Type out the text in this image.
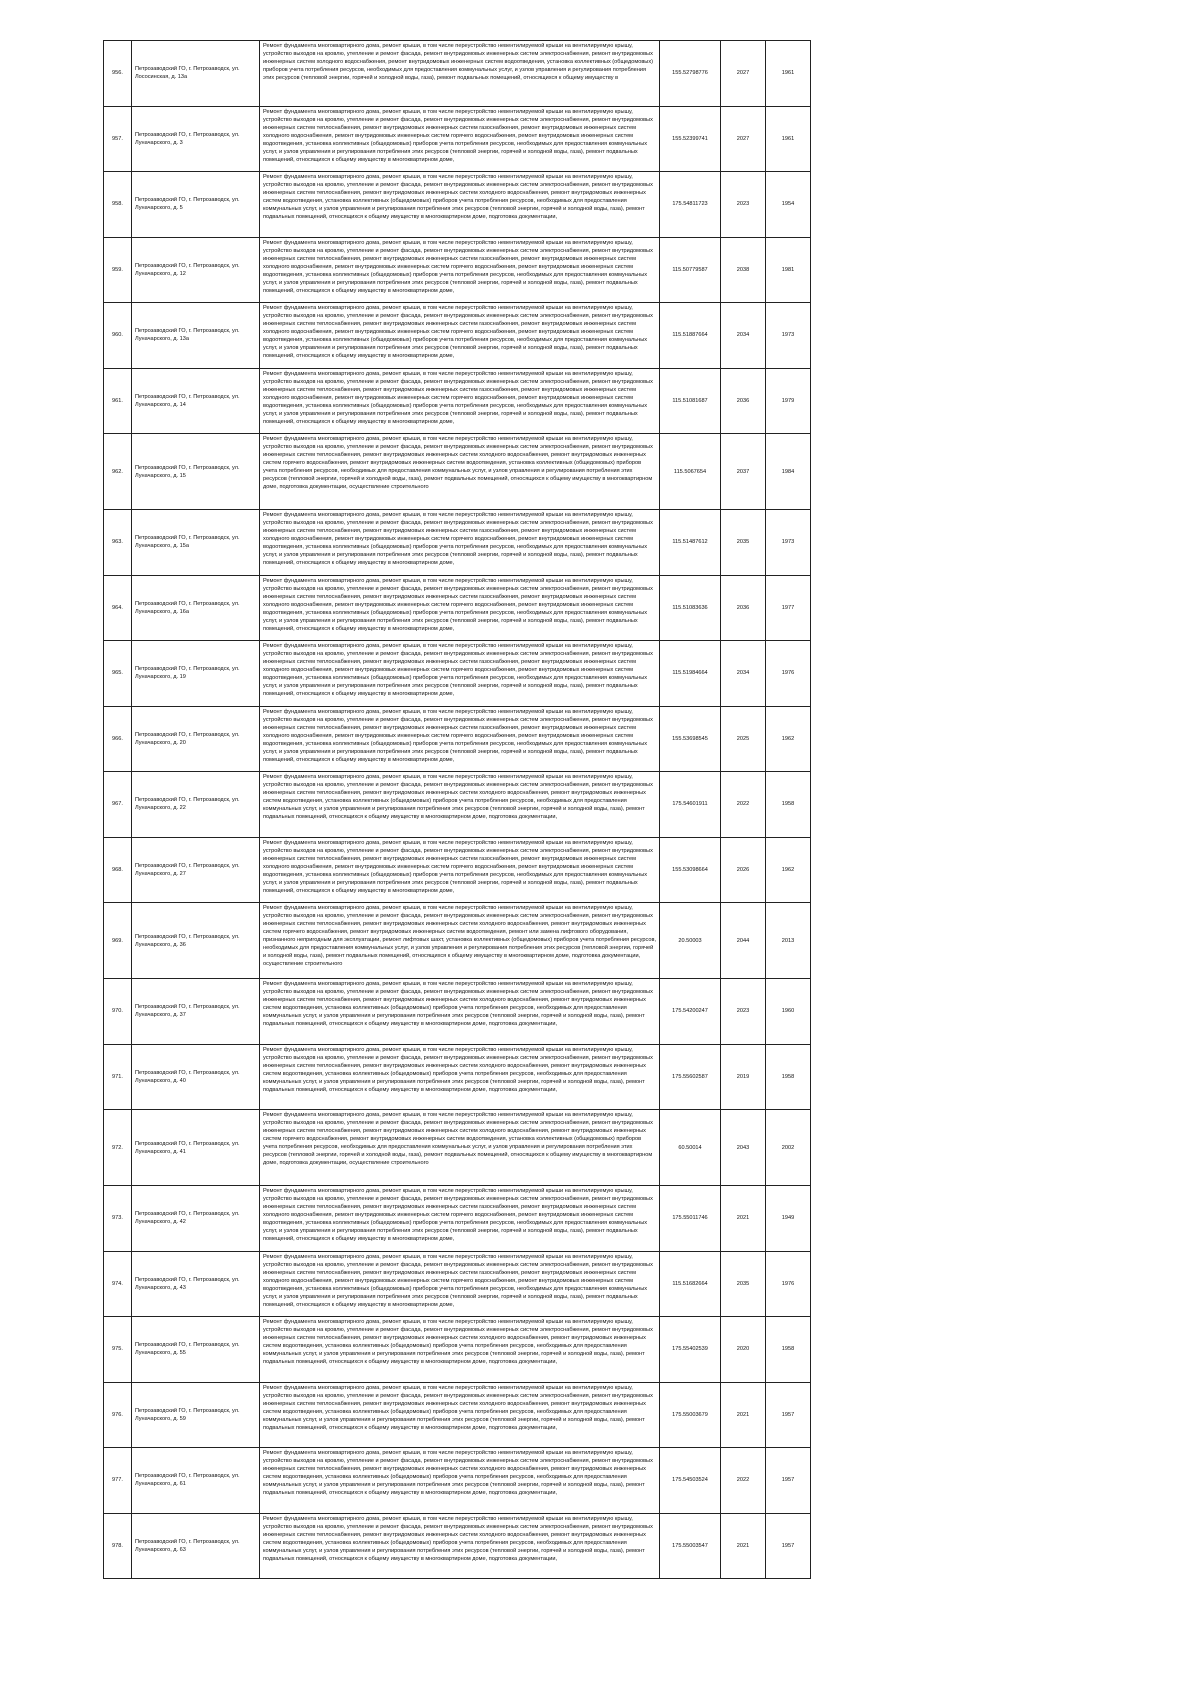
956.	Петрозаводский ГО, г. Петрозаводск, ул. Лососинская, д. 13а	Ремонт фундамента многоквартирного дома, ремонт крыши, в том числе переустройство невентилируемой крыши на вентилируемую крышу, устройство выходов на кровлю, утепление и ремонт фасада, ремонт внутридомовых инженерных систем электроснабжения, ремонт внутридомовых инженерных систем холодного водоснабжения, ремонт внутридомовых инженерных систем водоотведения, установка коллективных (общедомовых) приборов учета потребления ресурсов, необходимых для предоставления коммунальных услуг, и узлов управления и регулирования потребления этих ресурсов (тепловой энергии, горячей и холодной воды, газа), ремонт подвальных помещений, относящихся к общему имуществу в	155.52798776	2027	1961
957.	Петрозаводский ГО, г. Петрозаводск, ул. Луначарского, д. 3	Ремонт фундамента многоквартирного дома, ремонт крыши, в том числе переустройство невентилируемой крыши на вентилируемую крышу, устройство выходов на кровлю, утепление и ремонт фасада, ремонт внутридомовых инженерных систем электроснабжения, ремонт внутридомовых инженерных систем теплоснабжения, ремонт внутридомовых инженерных систем газоснабжения, ремонт внутридомовых инженерных систем холодного водоснабжения, ремонт внутридомовых инженерных систем горячего водоснабжения, ремонт внутридомовых инженерных систем водоотведения, установка коллективных (общедомовых) приборов учета потребления ресурсов, необходимых для предоставления коммунальных услуг, и узлов управления и регулирования потребления этих ресурсов (тепловой энергии, горячей и холодной воды, газа), ремонт подвальных помещений, относящихся к общему имуществу в многоквартирном доме,	155.52399741	2027	1961
958.	Петрозаводский ГО, г. Петрозаводск, ул. Луначарского, д. 5	Ремонт фундамента многоквартирного дома, ремонт крыши, в том числе переустройство невентилируемой крыши на вентилируемую крышу, устройство выходов на кровлю, утепление и ремонт фасада, ремонт внутридомовых инженерных систем электроснабжения, ремонт внутридомовых инженерных систем теплоснабжения, ремонт внутридомовых инженерных систем холодного водоснабжения, ремонт внутридомовых инженерных систем водоотведения, установка коллективных (общедомовых) приборов учета потребления ресурсов, необходимых для предоставления коммунальных услуг, и узлов управления и регулирования потребления этих ресурсов (тепловой энергии, горячей и холодной воды, газа), ремонт подвальных помещений, относящихся к общему имуществу в многоквартирном доме, подготовка документации,	175.54811723	2023	1954
959.	Петрозаводский ГО, г. Петрозаводск, ул. Луначарского, д. 12	Ремонт фундамента многоквартирного дома, ремонт крыши, в том числе переустройство невентилируемой крыши на вентилируемую крышу, устройство выходов на кровлю, утепление и ремонт фасада, ремонт внутридомовых инженерных систем электроснабжения, ремонт внутридомовых инженерных систем теплоснабжения, ремонт внутридомовых инженерных систем газоснабжения, ремонт внутридомовых инженерных систем холодного водоснабжения, ремонт внутридомовых инженерных систем горячего водоснабжения, ремонт внутридомовых инженерных систем водоотведения, установка коллективных (общедомовых) приборов учета потребления ресурсов, необходимых для предоставления коммунальных услуг, и узлов управления и регулирования потребления этих ресурсов (тепловой энергии, горячей и холодной воды, газа), ремонт подвальных помещений, относящихся к общему имуществу в многоквартирном доме,	115.50779587	2038	1981
960.	Петрозаводский ГО, г. Петрозаводск, ул. Луначарского, д. 13а	Ремонт фундамента многоквартирного дома, ремонт крыши, в том числе переустройство невентилируемой крыши на вентилируемую крышу, устройство выходов на кровлю, утепление и ремонт фасада, ремонт внутридомовых инженерных систем электроснабжения, ремонт внутридомовых инженерных систем теплоснабжения, ремонт внутридомовых инженерных систем газоснабжения, ремонт внутридомовых инженерных систем холодного водоснабжения, ремонт внутридомовых инженерных систем горячего водоснабжения, ремонт внутридомовых инженерных систем водоотведения, установка коллективных (общедомовых) приборов учета потребления ресурсов, необходимых для предоставления коммунальных услуг, и узлов управления и регулирования потребления этих ресурсов (тепловой энергии, горячей и холодной воды, газа), ремонт подвальных помещений, относящихся к общему имуществу в многоквартирном доме,	115.51887664	2034	1973
961.	Петрозаводский ГО, г. Петрозаводск, ул. Луначарского, д. 14	Ремонт фундамента многоквартирного дома, ремонт крыши, в том числе переустройство невентилируемой крыши на вентилируемую крышу, устройство выходов на кровлю, утепление и ремонт фасада, ремонт внутридомовых инженерных систем электроснабжения, ремонт внутридомовых инженерных систем теплоснабжения, ремонт внутридомовых инженерных систем газоснабжения, ремонт внутридомовых инженерных систем холодного водоснабжения, ремонт внутридомовых инженерных систем горячего водоснабжения, ремонт внутридомовых инженерных систем водоотведения, установка коллективных (общедомовых) приборов учета потребления ресурсов, необходимых для предоставления коммунальных услуг, и узлов управления и регулирования потребления этих ресурсов (тепловой энергии, горячей и холодной воды, газа), ремонт подвальных помещений, относящихся к общему имуществу в многоквартирном доме,	115.51081687	2036	1979
962.	Петрозаводский ГО, г. Петрозаводск, ул. Луначарского, д. 15	Ремонт фундамента многоквартирного дома, ремонт крыши, в том числе переустройство невентилируемой крыши на вентилируемую крышу, устройство выходов на кровлю, утепление и ремонт фасада, ремонт внутридомовых инженерных систем электроснабжения, ремонт внутридомовых инженерных систем теплоснабжения, ремонт внутридомовых инженерных систем холодного водоснабжения, ремонт внутридомовых инженерных систем горячего водоснабжения, ремонт внутридомовых инженерных систем водоотведения, установка коллективных (общедомовых) приборов учета потребления ресурсов, необходимых для предоставления коммунальных услуг, и узлов управления и регулирования потребления этих ресурсов (тепловой энергии, горячей и холодной воды, газа), ремонт подвальных помещений, относящихся к общему имуществу в многоквартирном доме, подготовка документации, осуществление строительного	115.5067654	2037	1984
963.	Петрозаводский ГО, г. Петрозаводск, ул. Луначарского, д. 15а	Ремонт фундамента многоквартирного дома, ремонт крыши, в том числе переустройство невентилируемой крыши на вентилируемую крышу, устройство выходов на кровлю, утепление и ремонт фасада, ремонт внутридомовых инженерных систем электроснабжения, ремонт внутридомовых инженерных систем теплоснабжения, ремонт внутридомовых инженерных систем газоснабжения, ремонт внутридомовых инженерных систем холодного водоснабжения, ремонт внутридомовых инженерных систем горячего водоснабжения, ремонт внутридомовых инженерных систем водоотведения, установка коллективных (общедомовых) приборов учета потребления ресурсов, необходимых для предоставления коммунальных услуг, и узлов управления и регулирования потребления этих ресурсов (тепловой энергии, горячей и холодной воды, газа), ремонт подвальных помещений, относящихся к общему имуществу в многоквартирном доме,	115.51487612	2035	1973
964.	Петрозаводский ГО, г. Петрозаводск, ул. Луначарского, д. 16а	Ремонт фундамента многоквартирного дома, ремонт крыши, в том числе переустройство невентилируемой крыши на вентилируемую крышу, устройство выходов на кровлю, утепление и ремонт фасада, ремонт внутридомовых инженерных систем электроснабжения, ремонт внутридомовых инженерных систем теплоснабжения, ремонт внутридомовых инженерных систем газоснабжения, ремонт внутридомовых инженерных систем холодного водоснабжения, ремонт внутридомовых инженерных систем горячего водоснабжения, ремонт внутридомовых инженерных систем водоотведения, установка коллективных (общедомовых) приборов учета потребления ресурсов, необходимых для предоставления коммунальных услуг, и узлов управления и регулирования потребления этих ресурсов (тепловой энергии, горячей и холодной воды, газа), ремонт подвальных помещений, относящихся к общему имуществу в многоквартирном доме,	115.51083636	2036	1977
965.	Петрозаводский ГО, г. Петрозаводск, ул. Луначарского, д. 19	Ремонт фундамента многоквартирного дома, ремонт крыши, в том числе переустройство невентилируемой крыши на вентилируемую крышу, устройство выходов на кровлю, утепление и ремонт фасада, ремонт внутридомовых инженерных систем электроснабжения, ремонт внутридомовых инженерных систем теплоснабжения, ремонт внутридомовых инженерных систем газоснабжения, ремонт внутридомовых инженерных систем холодного водоснабжения, ремонт внутридомовых инженерных систем горячего водоснабжения, ремонт внутридомовых инженерных систем водоотведения, установка коллективных (общедомовых) приборов учета потребления ресурсов, необходимых для предоставления коммунальных услуг, и узлов управления и регулирования потребления этих ресурсов (тепловой энергии, горячей и холодной воды, газа), ремонт подвальных помещений, относящихся к общему имуществу в многоквартирном доме,	115.51984664	2034	1976
966.	Петрозаводский ГО, г. Петрозаводск, ул. Луначарского, д. 20	Ремонт фундамента многоквартирного дома, ремонт крыши, в том числе переустройство невентилируемой крыши на вентилируемую крышу, устройство выходов на кровлю, утепление и ремонт фасада, ремонт внутридомовых инженерных систем электроснабжения, ремонт внутридомовых инженерных систем теплоснабжения, ремонт внутридомовых инженерных систем газоснабжения, ремонт внутридомовых инженерных систем холодного водоснабжения, ремонт внутридомовых инженерных систем горячего водоснабжения, ремонт внутридомовых инженерных систем водоотведения, установка коллективных (общедомовых) приборов учета потребления ресурсов, необходимых для предоставления коммунальных услуг, и узлов управления и регулирования потребления этих ресурсов (тепловой энергии, горячей и холодной воды, газа), ремонт подвальных помещений, относящихся к общему имуществу в многоквартирном доме,	155.53698545	2025	1962
967.	Петрозаводский ГО, г. Петрозаводск, ул. Луначарского, д. 22	Ремонт фундамента многоквартирного дома, ремонт крыши, в том числе переустройство невентилируемой крыши на вентилируемую крышу, устройство выходов на кровлю, утепление и ремонт фасада, ремонт внутридомовых инженерных систем электроснабжения, ремонт внутридомовых инженерных систем теплоснабжения, ремонт внутридомовых инженерных систем холодного водоснабжения, ремонт внутридомовых инженерных систем водоотведения, установка коллективных (общедомовых) приборов учета потребления ресурсов, необходимых для предоставления коммунальных услуг, и узлов управления и регулирования потребления этих ресурсов (тепловой энергии, горячей и холодной воды, газа), ремонт подвальных помещений, относящихся к общему имуществу в многоквартирном доме, подготовка документации,	175.54601911	2022	1958
968.	Петрозаводский ГО, г. Петрозаводск, ул. Луначарского, д. 27	Ремонт фундамента многоквартирного дома, ремонт крыши, в том числе переустройство невентилируемой крыши на вентилируемую крышу, устройство выходов на кровлю, утепление и ремонт фасада, ремонт внутридомовых инженерных систем электроснабжения, ремонт внутридомовых инженерных систем теплоснабжения, ремонт внутридомовых инженерных систем газоснабжения, ремонт внутридомовых инженерных систем холодного водоснабжения, ремонт внутридомовых инженерных систем горячего водоснабжения, ремонт внутридомовых инженерных систем водоотведения, установка коллективных (общедомовых) приборов учета потребления ресурсов, необходимых для предоставления коммунальных услуг, и узлов управления и регулирования потребления этих ресурсов (тепловой энергии, горячей и холодной воды, газа), ремонт подвальных помещений, относящихся к общему имуществу в многоквартирном доме,	155.53098664	2026	1962
969.	Петрозаводский ГО, г. Петрозаводск, ул. Луначарского, д. 36	Ремонт фундамента многоквартирного дома, ремонт крыши, в том числе переустройство невентилируемой крыши на вентилируемую крышу, устройство выходов на кровлю, утепление и ремонт фасада, ремонт внутридомовых инженерных систем электроснабжения, ремонт внутридомовых инженерных систем теплоснабжения, ремонт внутридомовых инженерных систем холодного водоснабжения, ремонт внутридомовых инженерных систем горячего водоснабжения, ремонт внутридомовых инженерных систем водоотведения, ремонт или замена лифтового оборудования, признанного непригодным для эксплуатации, ремонт лифтовых шахт, установка коллективных (общедомовых) приборов учета потребления ресурсов, необходимых для предоставления коммунальных услуг, и узлов управления и регулирования потребления этих ресурсов (тепловой энергии, горячей и холодной воды, газа), ремонт подвальных помещений, относящихся к общему имуществу в многоквартирном доме, подготовка документации, осуществление строительного	20.50003	2044	2013
970.	Петрозаводский ГО, г. Петрозаводск, ул. Луначарского, д. 37	Ремонт фундамента многоквартирного дома, ремонт крыши, в том числе переустройство невентилируемой крыши на вентилируемую крышу, устройство выходов на кровлю, утепление и ремонт фасада, ремонт внутридомовых инженерных систем электроснабжения, ремонт внутридомовых инженерных систем теплоснабжения, ремонт внутридомовых инженерных систем холодного водоснабжения, ремонт внутридомовых инженерных систем водоотведения, установка коллективных (общедомовых) приборов учета потребления ресурсов, необходимых для предоставления коммунальных услуг, и узлов управления и регулирования потребления этих ресурсов (тепловой энергии, горячей и холодной воды, газа), ремонт подвальных помещений, относящихся к общему имуществу в многоквартирном доме, подготовка документации,	175.54200247	2023	1960
971.	Петрозаводский ГО, г. Петрозаводск, ул. Луначарского, д. 40	Ремонт фундамента многоквартирного дома, ремонт крыши, в том числе переустройство невентилируемой крыши на вентилируемую крышу, устройство выходов на кровлю, утепление и ремонт фасада, ремонт внутридомовых инженерных систем электроснабжения, ремонт внутридомовых инженерных систем теплоснабжения, ремонт внутридомовых инженерных систем холодного водоснабжения, ремонт внутридомовых инженерных систем водоотведения, установка коллективных (общедомовых) приборов учета потребления ресурсов, необходимых для предоставления коммунальных услуг, и узлов управления и регулирования потребления этих ресурсов (тепловой энергии, горячей и холодной воды, газа), ремонт подвальных помещений, относящихся к общему имуществу в многоквартирном доме, подготовка документации,	175.55602587	2019	1958
972.	Петрозаводский ГО, г. Петрозаводск, ул. Луначарского, д. 41	Ремонт фундамента многоквартирного дома, ремонт крыши, в том числе переустройство невентилируемой крыши на вентилируемую крышу, устройство выходов на кровлю, утепление и ремонт фасада, ремонт внутридомовых инженерных систем электроснабжения, ремонт внутридомовых инженерных систем теплоснабжения, ремонт внутридомовых инженерных систем холодного водоснабжения, ремонт внутридомовых инженерных систем горячего водоснабжения, ремонт внутридомовых инженерных систем водоотведения, установка коллективных (общедомовых) приборов учета потребления ресурсов, необходимых для предоставления коммунальных услуг, и узлов управления и регулирования потребления этих ресурсов (тепловой энергии, горячей и холодной воды, газа), ремонт подвальных помещений, относящихся к общему имуществу в многоквартирном доме, подготовка документации, осуществление строительного	60.50014	2043	2002
973.	Петрозаводский ГО, г. Петрозаводск, ул. Луначарского, д. 42	Ремонт фундамента многоквартирного дома, ремонт крыши, в том числе переустройство невентилируемой крыши на вентилируемую крышу, устройство выходов на кровлю, утепление и ремонт фасада, ремонт внутридомовых инженерных систем электроснабжения, ремонт внутридомовых инженерных систем теплоснабжения, ремонт внутридомовых инженерных систем газоснабжения, ремонт внутридомовых инженерных систем холодного водоснабжения, ремонт внутридомовых инженерных систем горячего водоснабжения, ремонт внутридомовых инженерных систем водоотведения, установка коллективных (общедомовых) приборов учета потребления ресурсов, необходимых для предоставления коммунальных услуг, и узлов управления и регулирования потребления этих ресурсов (тепловой энергии, горячей и холодной воды, газа), ремонт подвальных помещений, относящихся к общему имуществу в многоквартирном доме,	175.55011746	2021	1949
974.	Петрозаводский ГО, г. Петрозаводск, ул. Луначарского, д. 43	Ремонт фундамента многоквартирного дома, ремонт крыши, в том числе переустройство невентилируемой крыши на вентилируемую крышу, устройство выходов на кровлю, утепление и ремонт фасада, ремонт внутридомовых инженерных систем электроснабжения, ремонт внутридомовых инженерных систем теплоснабжения, ремонт внутридомовых инженерных систем газоснабжения, ремонт внутридомовых инженерных систем холодного водоснабжения, ремонт внутридомовых инженерных систем горячего водоснабжения, ремонт внутридомовых инженерных систем водоотведения, установка коллективных (общедомовых) приборов учета потребления ресурсов, необходимых для предоставления коммунальных услуг, и узлов управления и регулирования потребления этих ресурсов (тепловой энергии, горячей и холодной воды, газа), ремонт подвальных помещений, относящихся к общему имуществу в многоквартирном доме,	115.51682664	2035	1976
975.	Петрозаводский ГО, г. Петрозаводск, ул. Луначарского, д. 55	Ремонт фундамента многоквартирного дома, ремонт крыши, в том числе переустройство невентилируемой крыши на вентилируемую крышу, устройство выходов на кровлю, утепление и ремонт фасада, ремонт внутридомовых инженерных систем электроснабжения, ремонт внутридомовых инженерных систем теплоснабжения, ремонт внутридомовых инженерных систем холодного водоснабжения, ремонт внутридомовых инженерных систем водоотведения, установка коллективных (общедомовых) приборов учета потребления ресурсов, необходимых для предоставления коммунальных услуг, и узлов управления и регулирования потребления этих ресурсов (тепловой энергии, горячей и холодной воды, газа), ремонт подвальных помещений, относящихся к общему имуществу в многоквартирном доме, подготовка документации,	175.55402539	2020	1958
976.	Петрозаводский ГО, г. Петрозаводск, ул. Луначарского, д. 59	Ремонт фундамента многоквартирного дома, ремонт крыши, в том числе переустройство невентилируемой крыши на вентилируемую крышу, устройство выходов на кровлю, утепление и ремонт фасада, ремонт внутридомовых инженерных систем электроснабжения, ремонт внутридомовых инженерных систем теплоснабжения, ремонт внутридомовых инженерных систем холодного водоснабжения, ремонт внутридомовых инженерных систем водоотведения, установка коллективных (общедомовых) приборов учета потребления ресурсов, необходимых для предоставления коммунальных услуг, и узлов управления и регулирования потребления этих ресурсов (тепловой энергии, горячей и холодной воды, газа), ремонт подвальных помещений, относящихся к общему имуществу в многоквартирном доме, подготовка документации,	175.55003679	2021	1957
977.	Петрозаводский ГО, г. Петрозаводск, ул. Луначарского, д. 61	Ремонт фундамента многоквартирного дома, ремонт крыши, в том числе переустройство невентилируемой крыши на вентилируемую крышу, устройство выходов на кровлю, утепление и ремонт фасада, ремонт внутридомовых инженерных систем электроснабжения, ремонт внутридомовых инженерных систем теплоснабжения, ремонт внутридомовых инженерных систем холодного водоснабжения, ремонт внутридомовых инженерных систем водоотведения, установка коллективных (общедомовых) приборов учета потребления ресурсов, необходимых для предоставления коммунальных услуг, и узлов управления и регулирования потребления этих ресурсов (тепловой энергии, горячей и холодной воды, газа), ремонт подвальных помещений, относящихся к общему имуществу в многоквартирном доме, подготовка документации,	175.54503524	2022	1957
978.	Петрозаводский ГО, г. Петрозаводск, ул. Луначарского, д. 63	Ремонт фундамента многоквартирного дома, ремонт крыши, в том числе переустройство невентилируемой крыши на вентилируемую крышу, устройство выходов на кровлю, утепление и ремонт фасада, ремонт внутридомовых инженерных систем электроснабжения, ремонт внутридомовых инженерных систем теплоснабжения, ремонт внутридомовых инженерных систем холодного водоснабжения, ремонт внутридомовых инженерных систем водоотведения, установка коллективных (общедомовых) приборов учета потребления ресурсов, необходимых для предоставления коммунальных услуг, и узлов управления и регулирования потребления этих ресурсов (тепловой энергии, горячей и холодной воды, газа), ремонт подвальных помещений, относящихся к общему имуществу в многоквартирном доме, подготовка документации,	175.55003547	2021	1957
